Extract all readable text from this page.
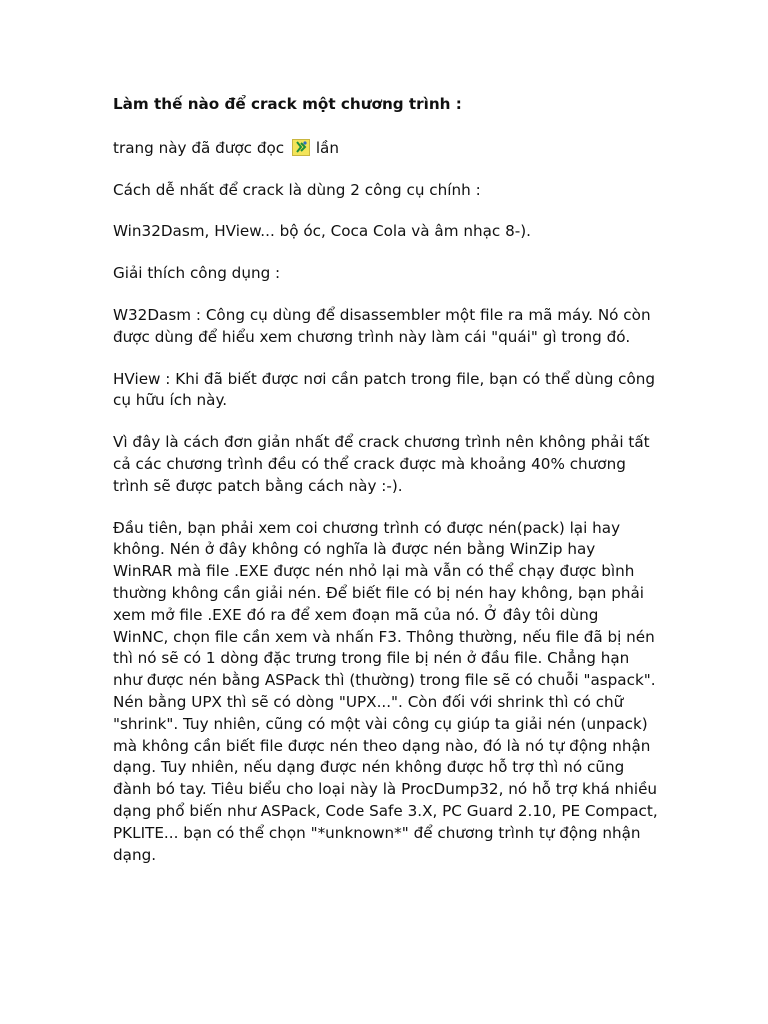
Làm thế nào để crack một chương trình :
trang này đã được đọc lần
Cách dễ nhất để crack là dùng 2 công cụ chính :
Win32Dasm, HView... bộ óc, Coca Cola và âm nhạc 8-).
Giải thích công dụng :
W32Dasm : Công cụ dùng để disassembler một file ra mã máy. Nó còn được dùng để hiểu xem chương trình này làm cái "quái" gì trong đó.
HView : Khi đã biết được nơi cần patch trong file, bạn có thể dùng công cụ hữu ích này.
Vì đây là cách đơn giản nhất để crack chương trình nên không phải tất cả các chương trình đều có thể crack được mà khoảng 40% chương trình sẽ được patch bằng cách này :-).
Đầu tiên, bạn phải xem coi chương trình có được nén(pack) lại hay không. Nén ở đây không có nghĩa là được nén bằng WinZip hay WinRAR mà file .EXE được nén nhỏ lại mà vẫn có thể chạy được bình thường không cần giải nén. Để biết file có bị nén hay không, bạn phải xem mở file .EXE đó ra để xem đoạn mã của nó. Ở đây tôi dùng WinNC, chọn file cần xem và nhấn F3. Thông thường, nếu file đã bị nén thì nó sẽ có 1 dòng đặc trưng trong file bị nén ở đầu file. Chẳng hạn như được nén bằng ASPack thì (thường) trong file sẽ có chuỗi "aspack". Nén bằng UPX thì sẽ có dòng "UPX...". Còn đối với shrink thì có chữ "shrink". Tuy nhiên, cũng có một vài công cụ giúp ta giải nén (unpack) mà không cần biết file được nén theo dạng nào, đó là nó tự động nhận dạng. Tuy nhiên, nếu dạng được nén không được hỗ trợ thì nó cũng đành bó tay. Tiêu biểu cho loại này là ProcDump32, nó hỗ trợ khá nhiều dạng phổ biến như ASPack, Code Safe 3.X, PC Guard 2.10, PE Compact, PKLITE... bạn có thể chọn "*unknown*" để chương trình tự động nhận dạng.
